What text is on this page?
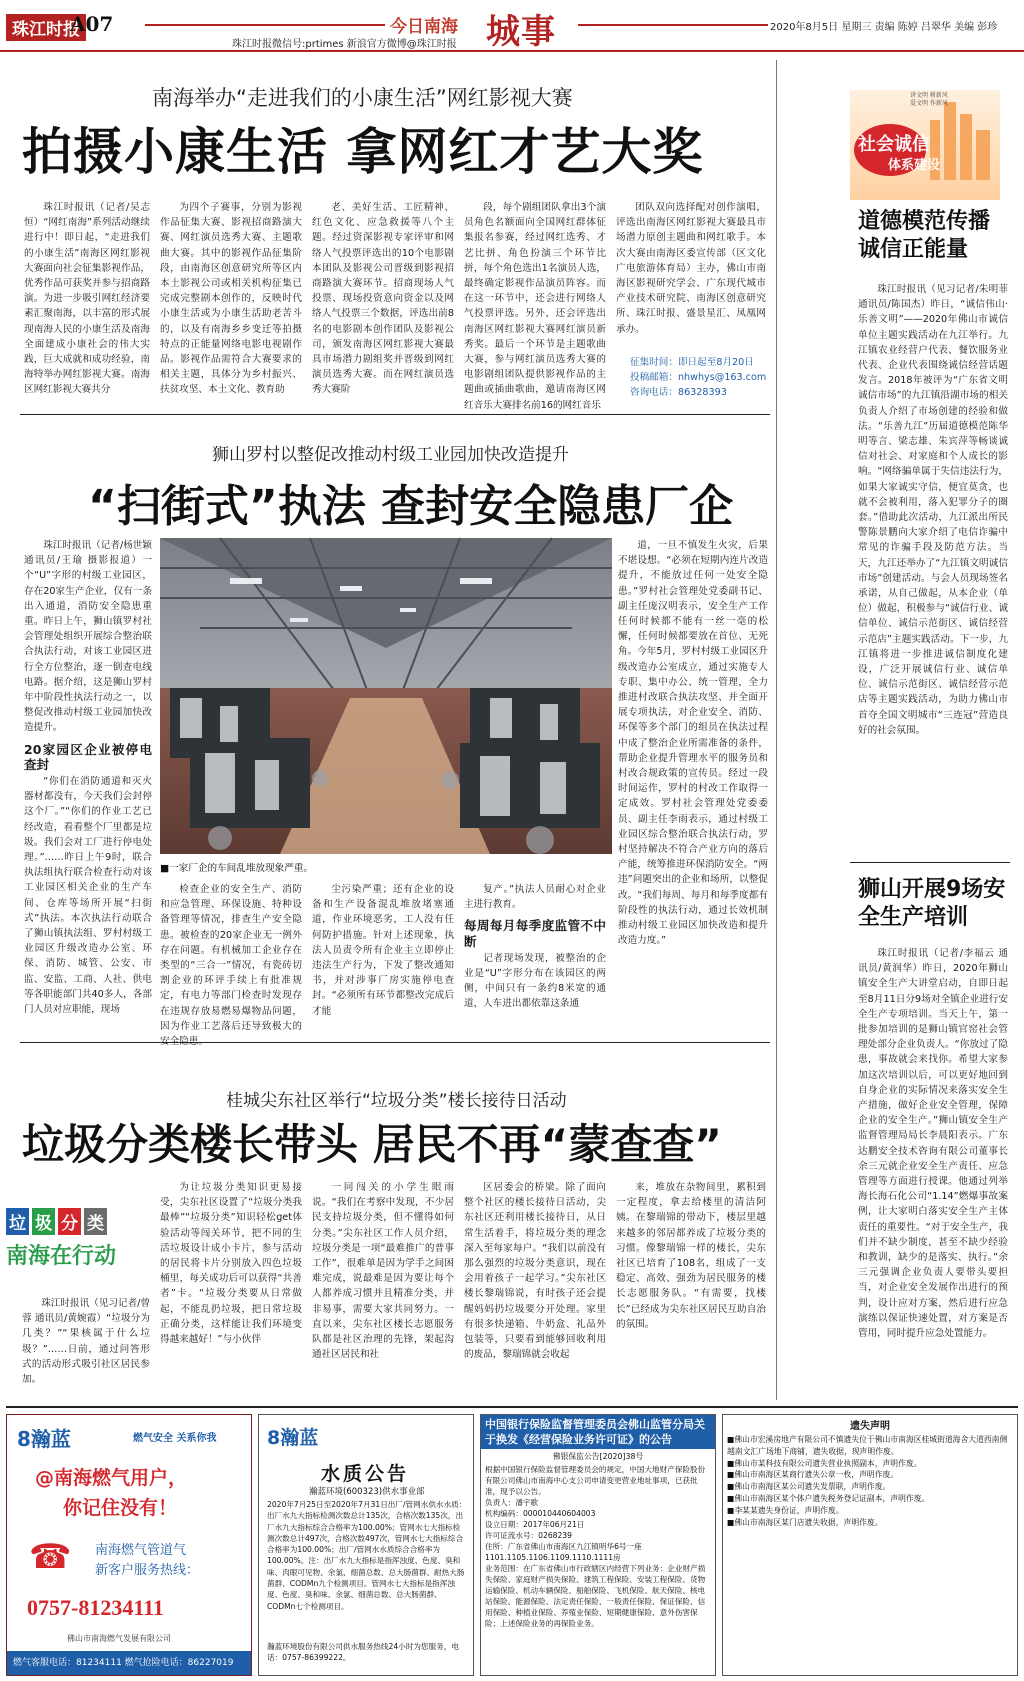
珠江时报
A07	今日南海 城事
珠江时报微信号:prtimes 新浪官方微博@珠江时报
2020年8月5日 星期三 责编 陈婷 吕翠华 美编 彭珍
南海举办“走进我们的小康生活”网红影视大赛
拍摄小康生活 拿网红才艺大奖

珠江时报讯（记者/吴志恒）“网红南海”系列活动继续进行中！即日起，“走进我们的小康生活”南海区网红影视大赛面向社会征集影视作品，优秀作品可获奖并参与招商路演。为进一步吸引网红经济要素汇聚南海，以丰富的形式展现南海人民的小康生活及南海全面建成小康社会的伟大实践，巨大成就和成功经验，南海特举办网红影视大赛。南海区网红影视大赛共分

为四个子赛事，分别为影视作品征集大赛、影视招商路演大赛、网红演员选秀大赛、主题歌曲大赛。其中的影视作品征集阶段，由南海区创意研究所等区内本土影视公司或相关机构征集已完成完整剧本创作的，反映时代小康生活或为小康生活助老苦斗的，以及有南海乡乡变迁等拍摄特点的正能量网络电影电视剧作品。影视作品需符合大赛要求的相关主题，具体分为乡村振兴、扶贫攻坚、本土文化、教育助

老、美好生活、工匠精神、红色文化、应急救援等八个主题。经过资深影视专家评审和网络人气投票评选出的10个电影剧本团队及影视公司晋级到影视招商路演大赛环节。招商现场人气投票、现场投资意向资金以及网络人气投票三个数据，评选出前8名的电影剧本创作团队及影视公司，颁发南海区网红影视大赛最具市场潜力剧组奖并晋级到网红演员选秀大赛。而在网红演员选秀大赛阶

段，每个剧组团队拿出3个演员角色名额面向全国网红群体征集报名参赛，经过网红选秀、才艺比拼、角色扮演三个环节比拼，每个角色选出1名演员人选，最终确定影视作品演员阵容。而在这一环节中，还会进行网络人气投票评选。另外，还会评选出南海区网红影视大赛网红演员新秀奖。最后一个环节是主题歌曲大赛，参与网红演员选秀大赛的电影剧组团队提供影视作品的主题曲或插曲歌曲，邀请南海区网红音乐大赛排名前16的网红音乐

团队双向选择配对创作演唱，评选出南海区网红影视大赛最具市场潜力原创主题曲和网红歌手。本次大赛由南海区委宣传部（区文化广电旅游体育局）主办，佛山市南海区影视研究学会、广东现代城市产业技术研究院、南海区创意研究所、珠江时报、盛景星汇、凤凰网承办。

征集时间：即日起至8月20日
投稿邮箱：nhwhys@163.com
咨询电话：86328393
狮山罗村以整促改推动村级工业园加快改造提升
“扫街式”执法 查封安全隐患厂企

珠江时报讯（记者/杨世颖 通讯员/王瑜 摄影报道）一个“U”字形的村级工业园区，存在20家生产企业，仅有一条出入通道，消防安全隐患重重。昨日上午，狮山镇罗村社会管理处组织开展综合整治联合执法行动，对该工业园区进行全方位整治，逐一倒查电线电路。据介绍，这是狮山罗村年中阶段性执法行动之一，以整促改推动村级工业园加快改造提升。

20家园区企业被停电查封

“你们在消防通道和灭火器材都没有，今天我们会封停这个厂。”“你们的作业工艺已经改造，看看整个厂里都是垃圾。我们会对工厂进行停电处理。”……昨日上午9时，联合执法组执行联合检查行动对该工业园区相关企业的生产车间、仓库等场所开展“扫街式”执法。本次执法行动联合了狮山镇执法组、罗村村级工业园区升级改造办公室、环保、消防、城管、公安、市监、安监、工商、人社、供电等各职能部门共40多人，各部门人员对应职能，现场

■一家厂企的车间乱堆放现象严重。

检查企业的安全生产、消防和应急管理、环保设施、特种设备管理等情况，排查生产安全隐患。被检查的20家企业无一例外存在问题。有机械加工企业存在类型的“三合一”情况，有瓷砖切割企业的环评手续上有批准规定，有电力等部门检查时发现存在违规存放易燃易爆物品问题，因为作业工艺落后还导致极大的

尘污染严重；还有企业的设备和生产设备混乱堆放堵塞通道，作业环境恶劣，工人没有任何防护措施。针对上述现象，执法人员责令所有企业主立即停止违法生产行为，下发了整改通知书，并对涉事厂房实施停电查封。“必须所有环节都整改完成后才能

复产。”执法人员耐心对企业主进行教育。

每周每月每季度监管不中断

记者现场发现，被整治的企业是“U”字形分布在该园区的两侧，中间只有一条约8米宽的通道，人车进出都依靠这条通

道，一旦不慎发生火灾，后果不堪设想。“必须在短期内连片改造提升，不能放过任何一处安全隐患。”罗村社会管理处党委副书记、副主任庞汉明表示，安全生产工作任何时候都不能有一丝一毫的松懈，任何时候都要放在首位、无死角。今年5月，罗村村级工业园区升级改造办公室成立，通过实施专人专职、集中办公、统一管理，全力推进村改联合执法攻坚、并全面开展专项执法，对企业安全、消防、环保等多个部门的组员在执法过程中成了整治企业所需准备的条件，帮助企业提升管理水平的服务员和村改合规政策的宣传员。经过一段时间运作，罗村的村改工作取得一定成效。罗村社会管理处党委委员、副主任李雨表示，通过村级工业园区综合整治联合执法行动，罗村坚持解决不符合产业方向的落后产能，统筹推进环保消防安全。“两违”问题突出的企业和场所，以整促改。“我们每周、每月和每季度都有阶段性的执法行动，通过长效机制推动村级工业园区加快改造和提升改造力度。”

桂城尖东社区举行“垃圾分类”楼长接待日活动
垃圾分类楼长带头 居民不再“蒙查查”
垃 圾 分 类
南海在行动

珠江时报讯（见习记者/曾蓉 通讯员/黄婉霞）“垃圾分为几类？”“果核属于什么垃圾？”……日前，通过问答形式的活动形式吸引社区居民参加。

为让垃圾分类知识更易接受，尖东社区设置了“垃圾分类我最棒”“垃圾分类”知识轻松get体验活动等闯关环节，把不同的生活垃圾设计成小卡片，参与活动的居民将卡片分别放入四色垃圾桶里，每关成功后可以获得“共善者”卡。“垃圾分类要从日常做起，不能乱扔垃圾，把日常垃圾正确分类，这样能让我们环境变得越来越好！”与小伙伴

一同闯关的小学生眼雨说。“我们在考察中发现，不少居民支持垃圾分类，但不懂得如何分类。”尖东社区工作人员介绍，垃圾分类是一项“最难推广的普事工作”，很难单是因为学手之间困难完成，说最难是因为要让每个人都养成习惯并且精准分类，并非易事，需要大家共同努力。一直以来，尖东社区楼长志愿服务队都是社区治理的先锋，架起沟通社区居民和社

区居委会的桥梁。除了面向整个社区的楼长接待日活动，尖东社区还利用楼长接待日，从日常生活着手，将垃圾分类的理念深入至每家每户。“我们以前没有那么强烈的垃圾分类意识，现在会用着孩子一起学习。”尖东社区楼长黎瑞锦说，有时孩子还会提醒妈妈扔垃圾要分开处理。家里有很多快递箱、牛奶盒、礼品外包装等，只要看到能够回收利用的废品，黎瑞锦就会收起

来，堆放在杂物间里，累积到一定程度，拿去给楼里的清洁阿姨。在黎瑞锦的带动下，楼层里越来越多的邻居都养成了垃圾分类的习惯。像黎瑞锦一样的楼长，尖东社区已培育了108名，组成了一支稳定、高效、强劲为居民服务的楼长志愿服务队。“有需要，找楼长”已经成为尖东社区居民互助自治的氛围。

讲文明 树新风 爱文明 作新风
社会诚信
体系建设
道德模范传播诚信正能量

珠江时报讯（见习记者/朱明菲 通讯员/陈国杰）昨日，“诚信伟山·乐善文明”——2020年佛山市诚信单位主题实践活动在九江举行。九江镇农业经营户代表、餐饮服务业代表、企业代表围绕诚信经营话题发言。2018年被评为“广东省文明诚信市场”的九江镇沿湖市场的相关负责人介绍了市场创建的经验和做法。“乐善九江”历届道德模范陈华明等言、梁志雄、朱宾萍等畅谈诚信对社会、对家庭和个人成长的影响。“网络骗单属于失信违法行为，如果大家诚实守信，便宜莫贪，也就不会被利用，落入犯罪分子的圈套。”借助此次活动，九江派出所民警陈景鹏向大家介绍了电信诈骗中常见的诈骗手段及防范方法。当天，九江还举办了“九江镇文明诚信市场”创建活动。与会人员现场签名承诺，从自己做起，从本企业（单位）做起，积极参与“诚信行业、诚信单位、诚信示范街区、诚信经营示范店”主题实践活动。下一步，九江镇将进一步推进诚信制度化建设，广泛开展诚信行业、诚信单位、诚信示范街区、诚信经营示范店等主题实践活动，为助力佛山市首夺全国文明城市“三连冠”营造良好的社会氛围。

狮山开展9场安全生产培训

珠江时报讯（记者/李福云 通讯员/黄润华）昨日，2020年狮山镇安全生产大讲堂启动，自即日起至8月11日分9场对全镇企业进行安全生产专项培训。当天上午，第一批参加培训的是狮山镇官窑社会管理处部分企业负责人。“你放过了隐患，事故就会来找你。希望大家参加这次培训以后，可以更好地回到自身企业的实际情况来落实安全生产措施，做好企业安全管理，保障企业的安全生产。”狮山镇安全生产监督管理局局长李晨阳表示。广东达鹏安全技术咨询有限公司董事长余三元就企业安全生产责任、应急管理等方面进行授课。他通过列举海长海石化公司“1.14”燃爆事故案例，让大家明白落实安全生产主体责任的重要性。“对于安全生产，我们并不缺少制度，甚至不缺少经验和教训，缺少的是落实、执行。”余三元强调企业负责人要带头要担当，对企业安全发展作出进行的预判，设计应对方案，然后进行应急演练以保证快速处置，对方案是否管用，同时提升应急处置能力。

8瀚蓝	燃气安全 关系你我
@南海燃气用户，
你记住没有！
☎ 南海燃气管道气
新客户服务热线：
0757-81234111
佛山市南海燃气发展有限公司
燃气客服电话：81234111 燃气抢险电话：86227019
8瀚蓝
水质公告
瀚蓝环境(600323)供水事业部
2020年7月25日至2020年7月31日出厂/管网水供水水质：出厂水九大指标检测次数总计135次，合格次数135次，出厂水九大指标综合合格率为100.00%；管网水七大指标检测次数总计497次，合格次数497次，管网水七大指标综合合格率为100.00%；出厂/管网水水质综合合格率为100.00%。注：出厂水九大指标是指浑浊度、色度、臭和味、肉眼可见物、余氯、细菌总数、总大肠菌群、耐热大肠菌群、CODMn九个检测项目。管网水七大指标是指浑浊度、色度、臭和味、余氯、细菌总数、总大肠菌群、CODMn七个检测项目。
瀚蓝环境股份有限公司供水服务热线24小时为您服务，电话：0757-86399222。
中国银行保险监督管理委员会佛山监管分局关于换发《经营保险业务许可证》的公告
佛银保监公告[2020]38号
根据中国银行保险监督管理委员会的规定，中国大地财产保险股份有限公司佛山市南海中心支公司申请变更营业地址事项，已获批准，现予以公告。
负责人：潘宇歌
机构编码：000010440604003
设立日期：2017年06月21日
许可证流水号：0268239
住所：广东省佛山市南海区九江镇明华6号一座1101.1105.1106.1109.1110.1111房
业务范围：在广东省佛山市行政辖区内经营下列业务：企业财产损失保险、家庭财产损失保险、建筑工程保险、安装工程保险、货物运输保险、机动车辆保险、船舶保险、飞机保险、航天保险、核电站保险、能源保险、法定责任保险、一般责任保险、保证保险、信用保险、种植业保险、养殖业保险、短期健康保险、意外伤害保险；上述保险业务的再保险业务。
遗失声明
■佛山市宏溪房地产有限公司不慎遗失位于佛山市南海区桂城街道海舍大道西南侧越南文汇广场地下商铺，遗失收据，现声明作废。
■佛山市某科技有限公司遗失营业执照副本，声明作废。
■佛山市南海区某商行遗失公章一枚，声明作废。
■佛山市南海区某公司遗失发票联，声明作废。
■佛山市南海区某个体户遗失税务登记证副本，声明作废。
■李某某遗失身份证，声明作废。
■佛山市南海区某门店遗失收据，声明作废。
